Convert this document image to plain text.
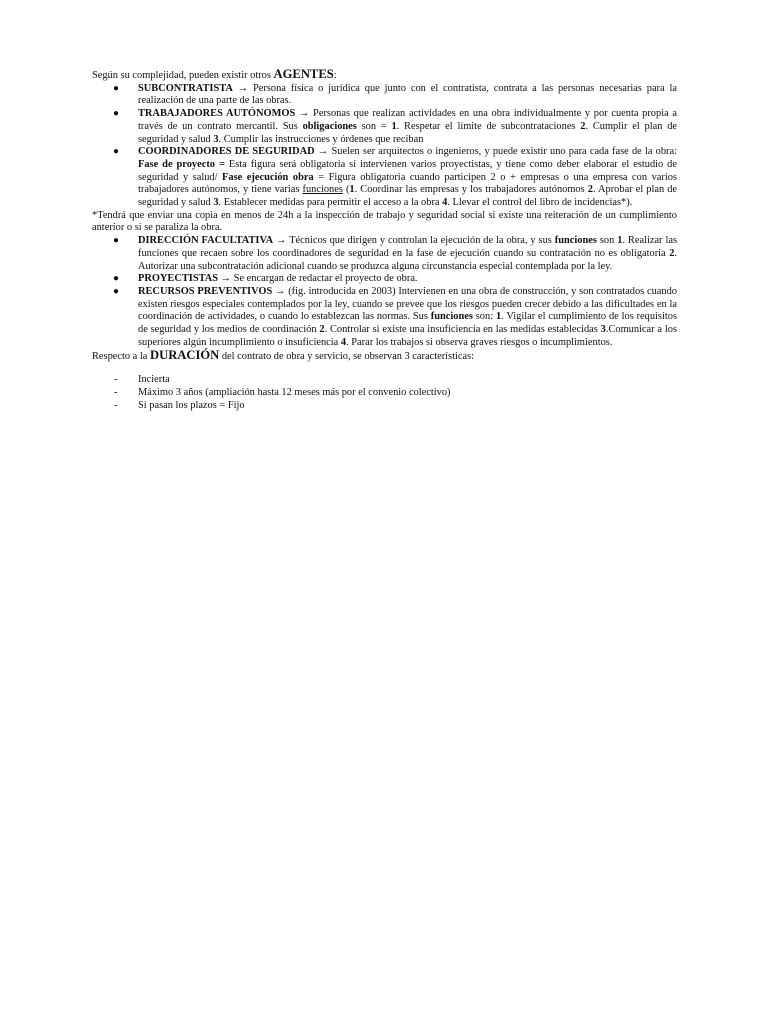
Según su complejidad, pueden existir otros AGENTES:

● SUBCONTRATISTA → Persona física o jurídica que junto con el contratista, contrata a las personas necesarias para la realización de una parte de las obras.
● TRABAJADORES AUTÓNOMOS → Personas que realizan actividades en una obra individualmente y por cuenta propia a través de un contrato mercantil. Sus obligaciones son = 1. Respetar el límite de subcontrataciones 2. Cumplir el plan de seguridad y salud 3. Cumplir las instrucciones y órdenes que reciban
● COORDINADORES DE SEGURIDAD → Suelen ser arquitectos o ingenieros, y puede existir uno para cada fase de la obra: Fase de proyecto = Esta figura será obligatoria si intervienen varios proyectistas, y tiene como deber elaborar el estudio de seguridad y salud/ Fase ejecución obra = Figura obligatoria cuando participen 2 o + empresas o una empresa con varios trabajadores autónomos, y tiene varias funciones (1. Coordinar las empresas y los trabajadores autónomos 2. Aprobar el plan de seguridad y salud 3. Establecer medidas para permitir el acceso a la obra 4. Llevar el control del libro de incidencias*).

*Tendrá que enviar una copia en menos de 24h a la inspección de trabajo y seguridad social si existe una reiteración de un cumplimiento anterior o si se paraliza la obra.

● DIRECCIÓN FACULTATIVA → Técnicos que dirigen y controlan la ejecución de la obra, y sus funciones son 1. Realizar las funciones que recaen sobre los coordinadores de seguridad en la fase de ejecución cuando su contratación no es obligatoria 2. Autorizar una subcontratación adicional cuando se produzca alguna circunstancia especial contemplada por la ley.
● PROYECTISTAS → Se encargan de redactar el proyecto de obra.
● RECURSOS PREVENTIVOS → (fig. introducida en 2003) Intervienen en una obra de construcción, y son contratados cuando existen riesgos especiales contemplados por la ley, cuando se prevee que los riesgos pueden crecer debido a las dificultades en la coordinación de actividades, o cuando lo establezcan las normas. Sus funciones son: 1. Vigilar el cumplimiento de los requisitos de seguridad y los medios de coordinación 2. Controlar si existe una insuficiencia en las medidas establecidas 3.Comunicar a los superiores algún incumplimiento o insuficiencia 4. Parar los trabajos si observa graves riesgos o incumplimientos.

Respecto a la DURACIÓN del contrato de obra y servicio, se observan 3 características:

- Incierta
- Máximo 3 años (ampliación hasta 12 meses más por el convenio colectivo)
- Si pasan los plazos = Fijo
